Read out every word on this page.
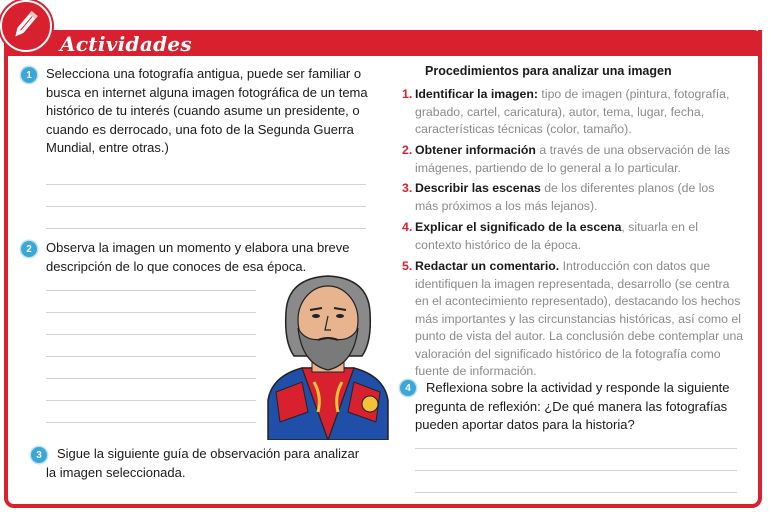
Actividades
1	Selecciona una fotografía antigua, puede ser familiar o busca en internet alguna imagen fotográfica de un tema histórico de tu interés (cuando asume un presidente, o cuando es derrocado, una foto de la Segunda Guerra Mundial, entre otras.)
2	Observa la imagen un momento y elabora una breve descripción de lo que conoces de esa época.
3	Sigue la siguiente guía de observación para analizar la imagen seleccionada.
Procedimientos para analizar una imagen
1. Identificar la imagen: tipo de imagen (pintura, fotografía, grabado, cartel, caricatura), autor, tema, lugar, fecha, características técnicas (color, tamaño).
2. Obtener información a través de una observación de las imágenes, partiendo de lo general a lo particular.
3. Describir las escenas de los diferentes planos (de los más próximos a los más lejanos).
4. Explicar el significado de la escena, situarla en el contexto histórico de la época.
5. Redactar un comentario. Introducción con datos que identifiquen la imagen representada, desarrollo (se centra en el acontecimiento representado), destacando los hechos más importantes y las circunstancias históricas, así como el punto de vista del autor. La conclusión debe contemplar una valoración del significado histórico de la fotografía como fuente de información.
4	Reflexiona sobre la actividad y responde la siguiente pregunta de reflexión: ¿De qué manera las fotografías pueden aportar datos para la historia?
